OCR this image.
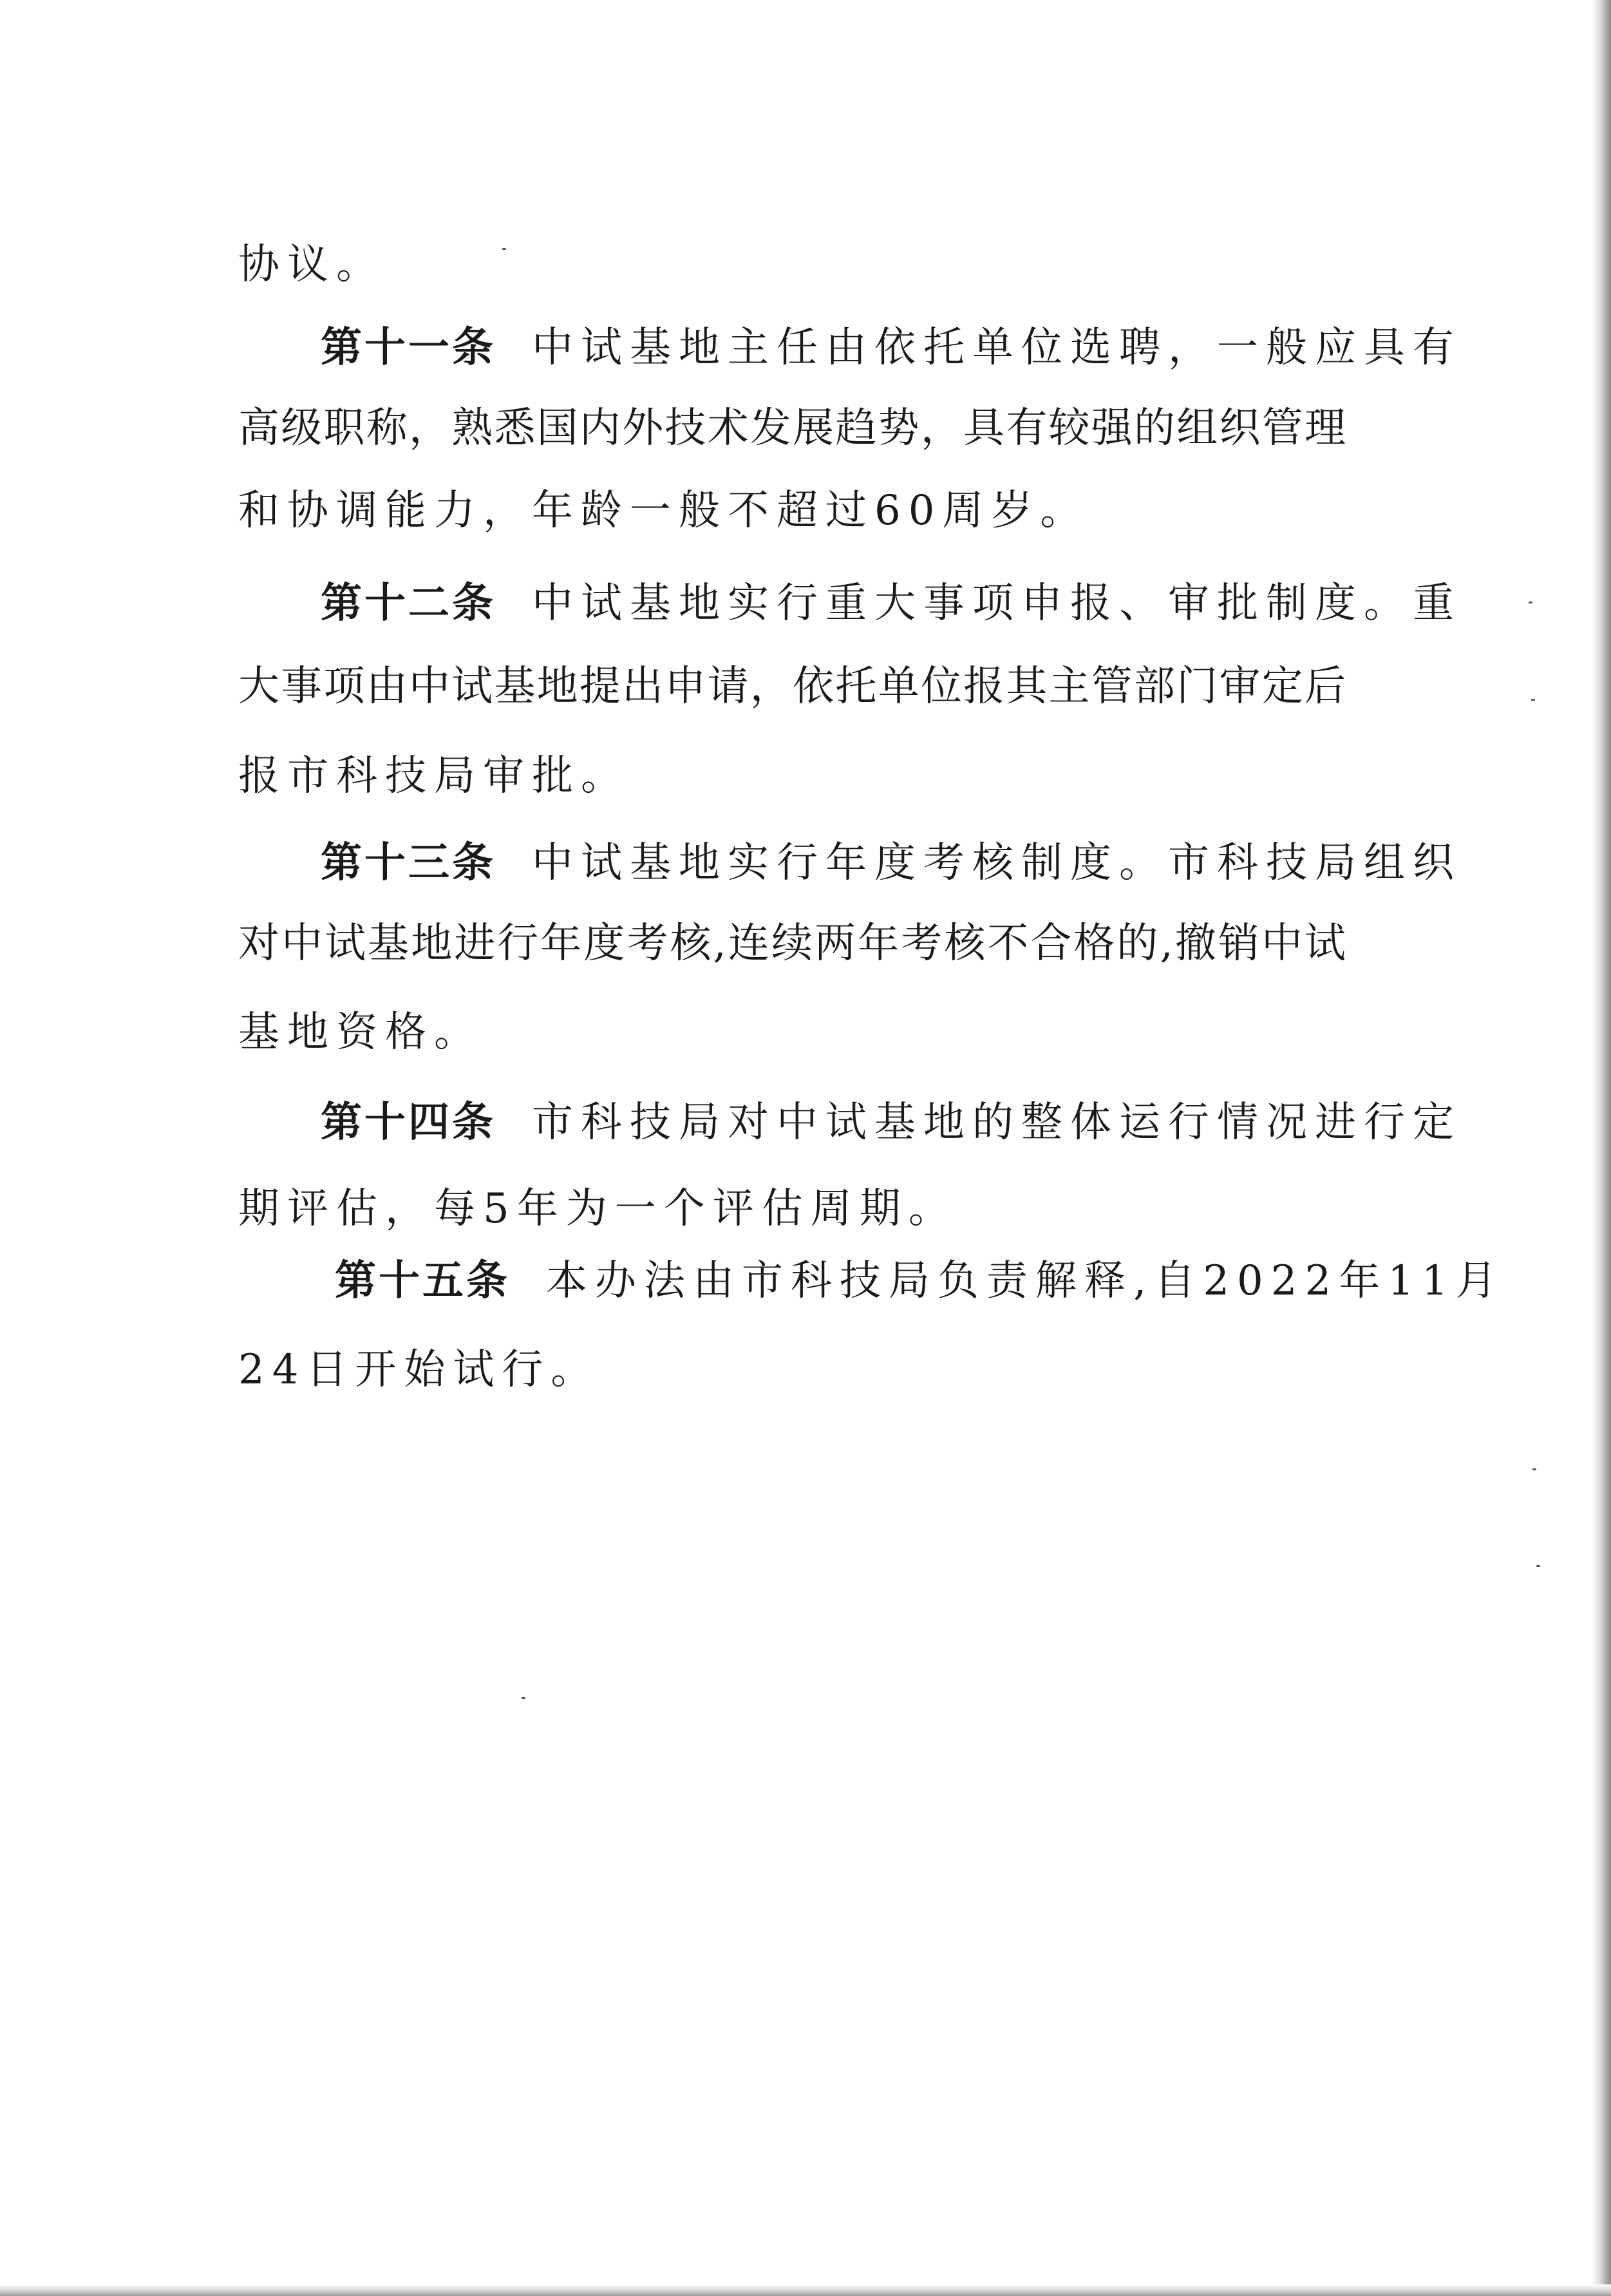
协议。
第十一条 中试基地主任由依托单位选聘，一般应具有
高级职称，熟悉国内外技术发展趋势，具有较强的组织管理
和协调能力，年龄一般不超过60周岁。
第十二条 中试基地实行重大事项申报、审批制度。重
大事项由中试基地提出申请，依托单位报其主管部门审定后
报市科技局审批。
第十三条 中试基地实行年度考核制度。市科技局组织
对中试基地进行年度考核,连续两年考核不合格的,撤销中试
基地资格。
第十四条 市科技局对中试基地的整体运行情况进行定
期评估，每5年为一个评估周期。
第十五条 本办法由市科技局负责解释,自2022年11月
24日开始试行。
